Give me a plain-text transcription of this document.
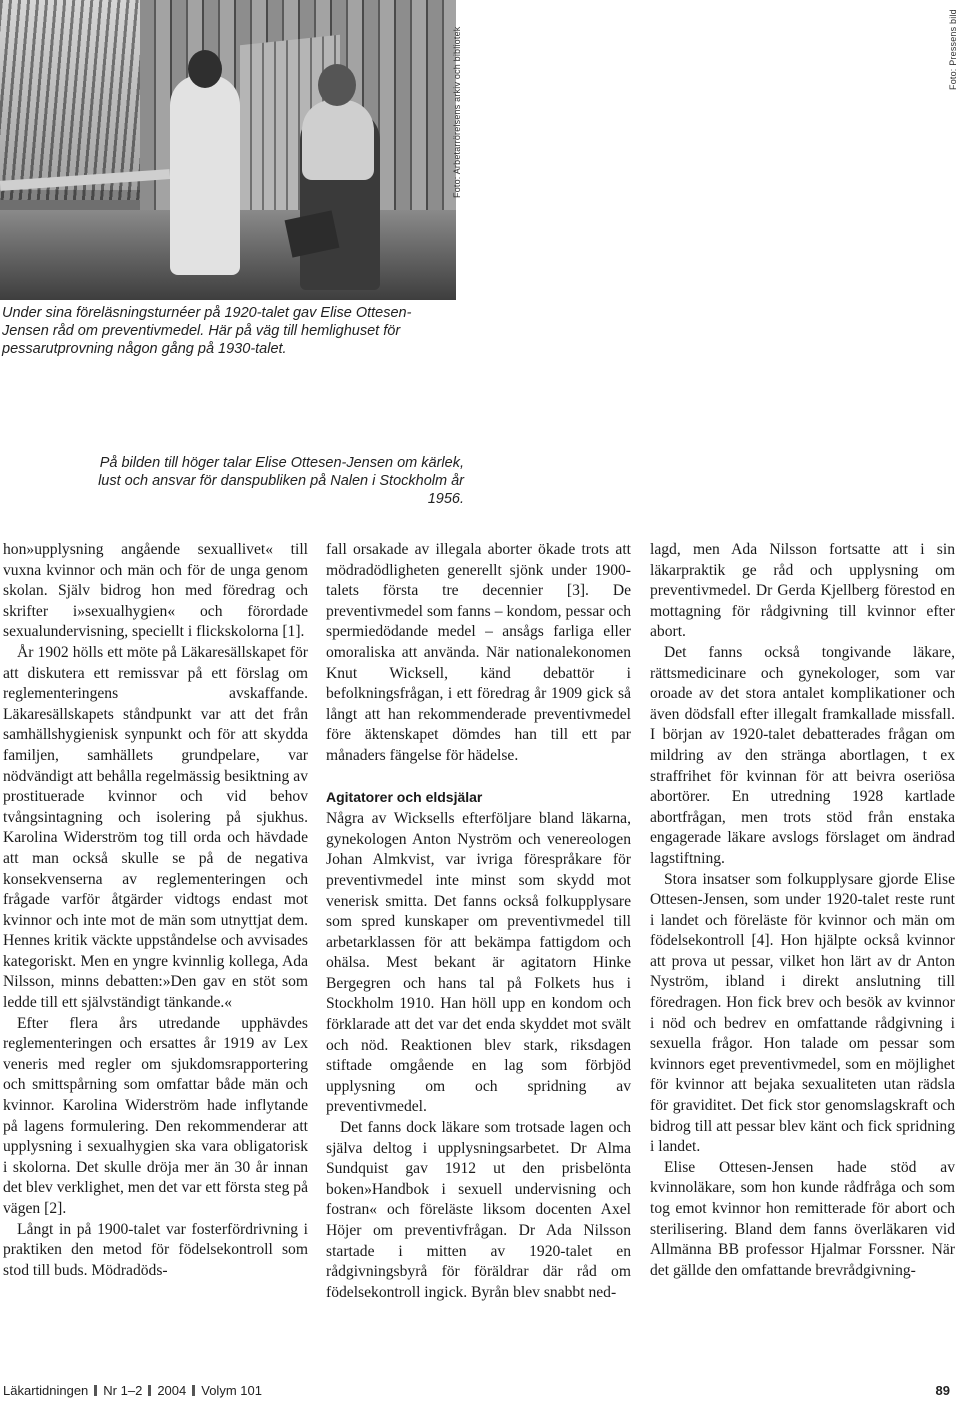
Foto: Arbetarrörelsens arkiv och bibliotek	Foto: Pressens bild
Under sina föreläsningsturnéer på 1920-talet gav Elise Ottesen-Jensen råd om preventivmedel. Här på väg till hemlighuset för pessarutprovning någon gång på 1930-talet.
På bilden till höger talar Elise Ottesen-Jensen om kärlek, lust och ansvar för danspubliken på Nalen i Stockholm år 1956.

hon»upplysning angående sexuallivet« till vuxna kvinnor och män och för de unga genom skolan. Själv bidrog hon med föredrag och skrifter i»sexualhygien« och förordade sexualundervisning, speciellt i flickskolorna [1].

År 1902 hölls ett möte på Läkaresällskapet för att diskutera ett remissvar på ett förslag om reglementeringens avskaffande. Läkaresällskapets ståndpunkt var att det från samhällshygienisk synpunkt och för att skydda familjen, samhällets grundpelare, var nödvändigt att behålla regelmässig besiktning av prostituerade kvinnor och vid behov tvångsintagning och isolering på sjukhus. Karolina Widerström tog till orda och hävdade att man också skulle se på de negativa konsekvenserna av reglementeringen och frågade varför åtgärder vidtogs endast mot kvinnor och inte mot de män som utnyttjat dem. Hennes kritik väckte uppståndelse och avvisades kategoriskt. Men en yngre kvinnlig kollega, Ada Nilsson, minns debatten:»Den gav en stöt som ledde till ett självständigt tänkande.«

Efter flera års utredande upphävdes reglementeringen och ersattes år 1919 av Lex veneris med regler om sjukdomsrapportering och smittspårning som omfattar både män och kvinnor. Karolina Widerström hade inflytande på lagens formulering. Den rekommenderar att upplysning i sexualhygien ska vara obligatorisk i skolorna. Det skulle dröja mer än 30 år innan det blev verklighet, men det var ett första steg på vägen [2].

Långt in på 1900-talet var fosterfördrivning i praktiken den metod för födelsekontroll som stod till buds. Mödradöds-

fall orsakade av illegala aborter ökade trots att mödradödligheten generellt sjönk under 1900-talets första tre decennier [3]. De preventivmedel som fanns – kondom, pessar och spermiedödande medel – ansågs farliga eller omoraliska att använda. När nationalekonomen Knut Wicksell, känd debattör i befolkningsfrågan, i ett föredrag år 1909 gick så långt att han rekommenderade preventivmedel före äktenskapet dömdes han till ett par månaders fängelse för hädelse.

Agitatorer och eldsjälar

Några av Wicksells efterföljare bland läkarna, gynekologen Anton Nyström och venereologen Johan Almkvist, var ivriga förespråkare för preventivmedel inte minst som skydd mot venerisk smitta. Det fanns också folkupplysare som spred kunskaper om preventivmedel till arbetarklassen för att bekämpa fattigdom och ohälsa. Mest bekant är agitatorn Hinke Bergegren och hans tal på Folkets hus i Stockholm 1910. Han höll upp en kondom och förklarade att det var det enda skyddet mot svält och nöd. Reaktionen blev stark, riksdagen stiftade omgående en lag som förbjöd upplysning om och spridning av preventivmedel.

Det fanns dock läkare som trotsade lagen och själva deltog i upplysningsarbetet. Dr Alma Sundquist gav 1912 ut den prisbelönta boken»Handbok i sexuell undervisning och fostran« och föreläste liksom docenten Axel Höjer om preventivfrågan. Dr Ada Nilsson startade i mitten av 1920-talet en rådgivningsbyrå för föräldrar där råd om födelsekontroll ingick. Byrån blev snabbt ned-

lagd, men Ada Nilsson fortsatte att i sin läkarpraktik ge råd och upplysning om preventivmedel. Dr Gerda Kjellberg förestod en mottagning för rådgivning till kvinnor efter abort.

Det fanns också tongivande läkare, rättsmedicinare och gynekologer, som var oroade av det stora antalet komplikationer och även dödsfall efter illegalt framkallade missfall. I början av 1920-talet debatterades frågan om mildring av den stränga abortlagen, t ex straffrihet för kvinnan för att beivra oseriösa abortörer. En utredning 1928 kartlade abortfrågan, men trots stöd från enstaka engagerade läkare avslogs förslaget om ändrad lagstiftning.

Stora insatser som folkupplysare gjorde Elise Ottesen-Jensen, som under 1920-talet reste runt i landet och föreläste för kvinnor och män om födelsekontroll [4]. Hon hjälpte också kvinnor att prova ut pessar, vilket hon lärt av dr Anton Nyström, ibland i direkt anslutning till föredragen. Hon fick brev och besök av kvinnor i nöd och bedrev en omfattande rådgivning i sexuella frågor. Hon talade om pessar som kvinnors eget preventivmedel, som en möjlighet för kvinnor att bejaka sexualiteten utan rädsla för graviditet. Det fick stor genomslagskraft och bidrog till att pessar blev känt och fick spridning i landet.

Elise Ottesen-Jensen hade stöd av kvinnoläkare, som hon kunde rådfråga och som tog emot kvinnor hon remitterade för abort och sterilisering. Bland dem fanns överläkaren vid Allmänna BB professor Hjalmar Forssner. När det gällde den omfattande brevrådgivning-

Läkartidningen Nr 1–2 2004 Volym 101	89
